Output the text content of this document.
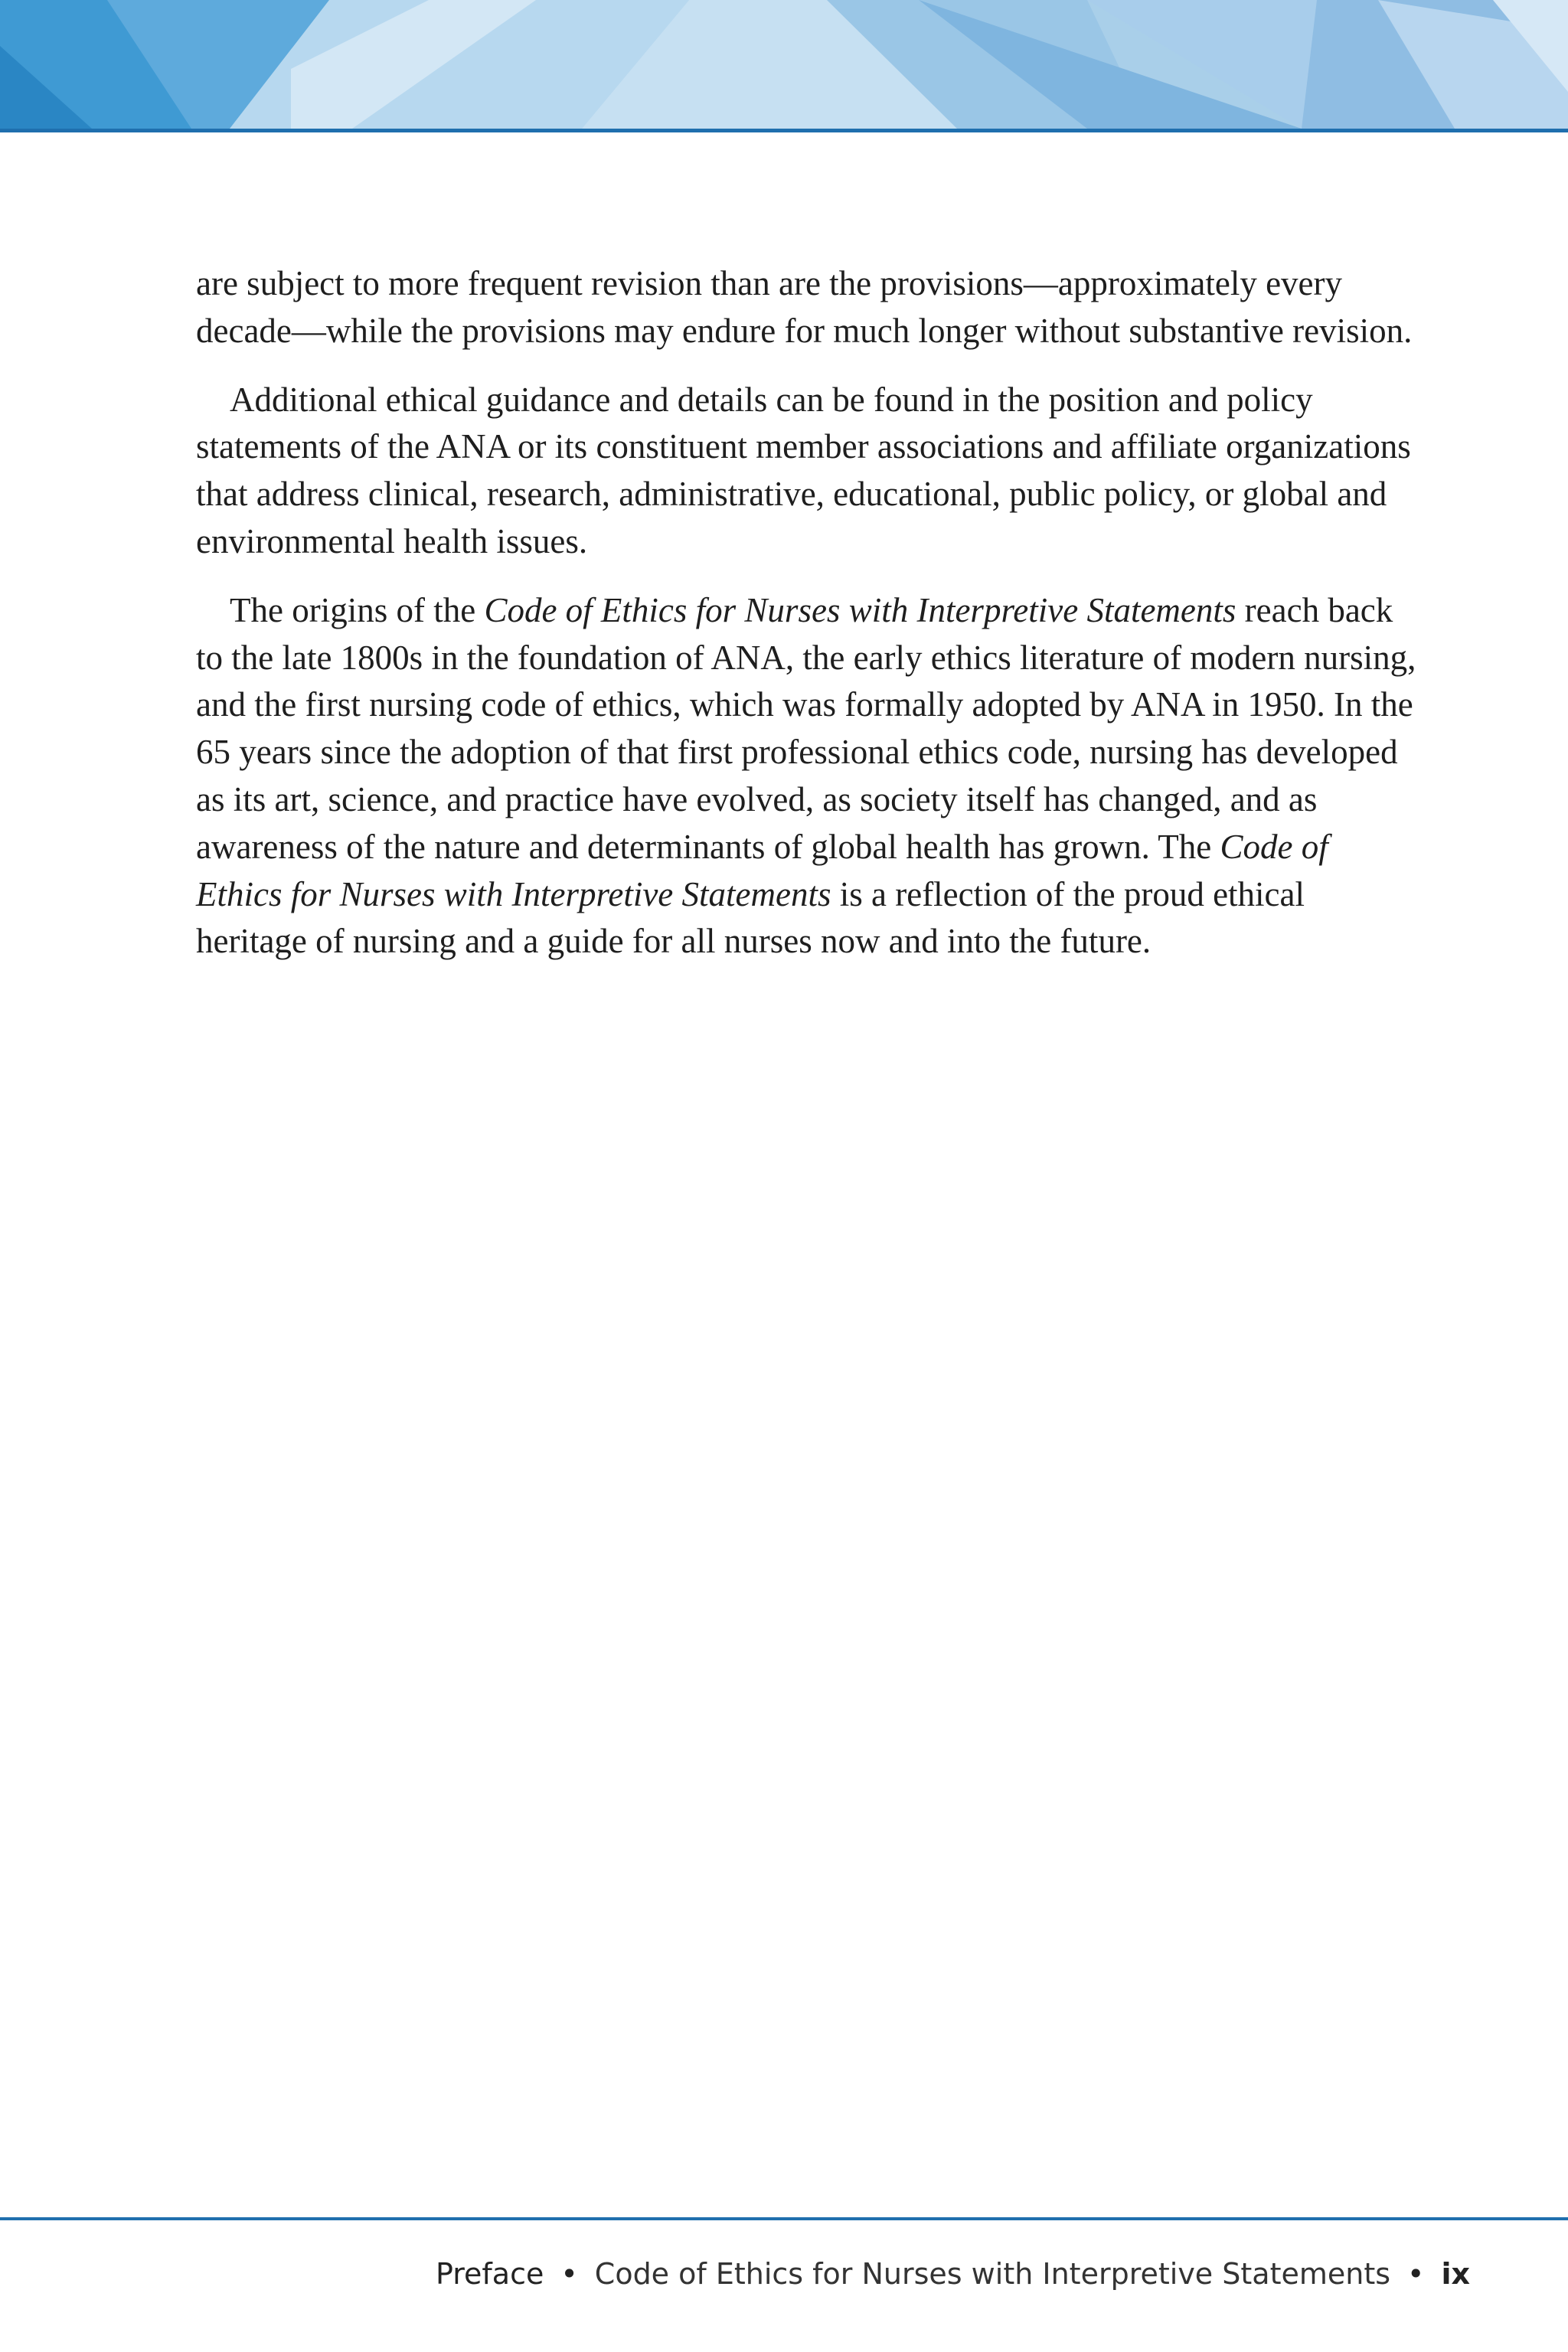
are subject to more frequent revision than are the provisions—approximately every decade—while the provisions may endure for much longer without substantive revision.

Additional ethical guidance and details can be found in the position and policy statements of the ANA or its constituent member associations and affiliate organizations that address clinical, research, administrative, educational, public policy, or global and environmental health issues.

The origins of the Code of Ethics for Nurses with Interpretive Statements reach back to the late 1800s in the foundation of ANA, the early ethics literature of modern nursing, and the first nursing code of ethics, which was formally adopted by ANA in 1950. In the 65 years since the adoption of that first professional ethics code, nursing has developed as its art, science, and practice have evolved, as society itself has changed, and as awareness of the nature and determinants of global health has grown. The Code of Ethics for Nurses with Interpretive Statements is a reflection of the proud ethical heritage of nursing and a guide for all nurses now and into the future.

Preface • Code of Ethics for Nurses with Interpretive Statements • ix
